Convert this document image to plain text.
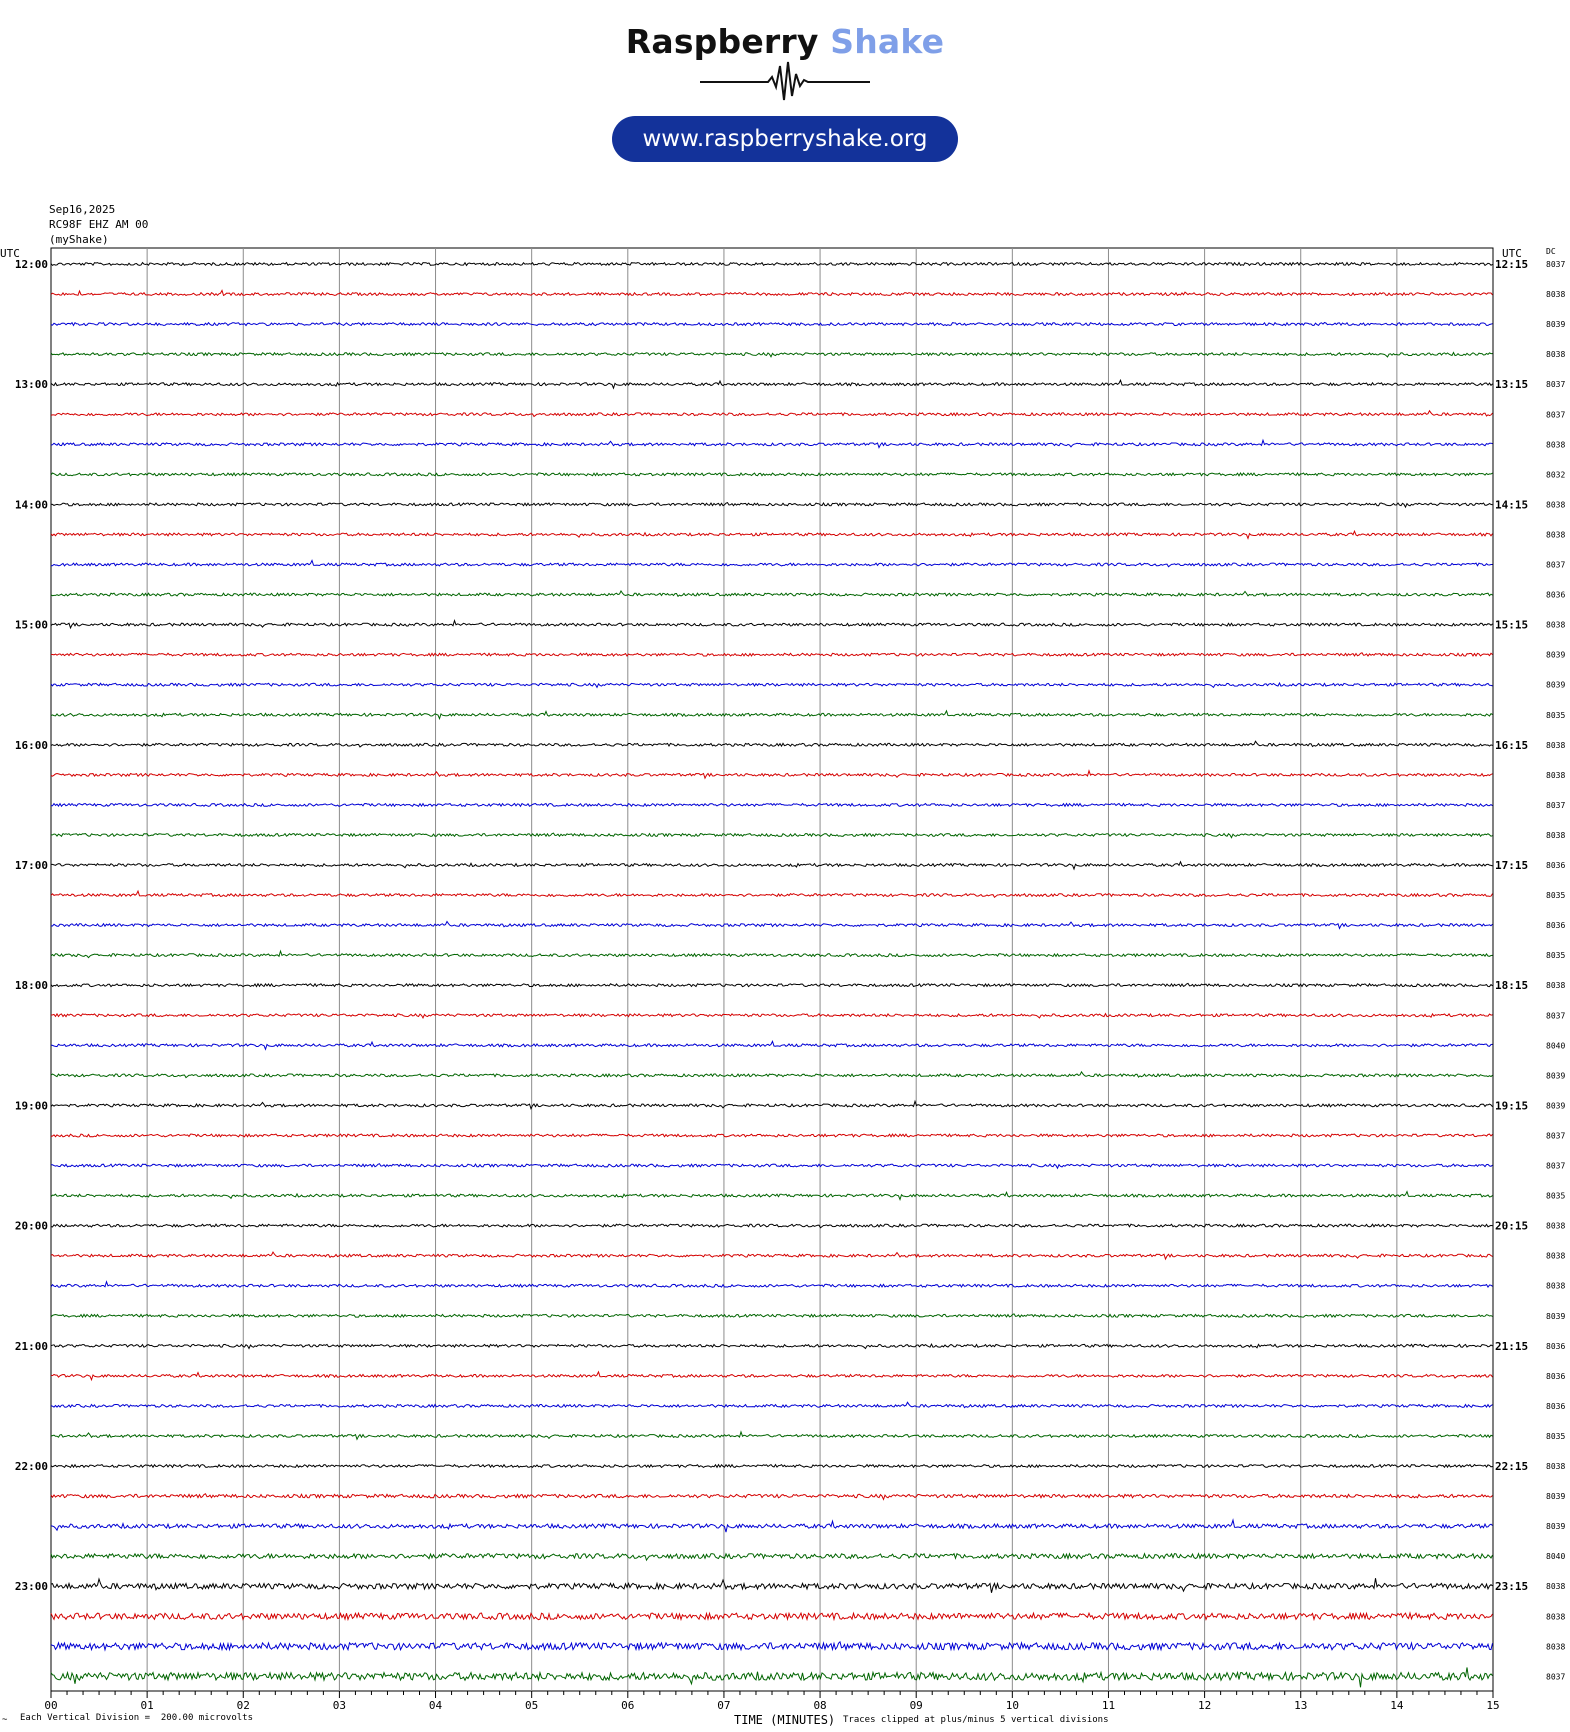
Raspberry Shake
www.raspberryshake.org
Sep16,2025
RC98F EHZ AM 00
(myShake)
00	01	02	03	04	05	06	07	08	09	10	11	12	13	14	15
UTC	UTC	DC
8037
12:00	12:15
8038
8039
8038
8037
13:00	13:15
8037
8038
8032
8038
14:00	14:15
8038
8037
8036
8038
15:00	15:15
8039
8039
8035
8038
16:00	16:15
8038
8037
8038
8036
17:00	17:15
8035
8036
8035
8038
18:00	18:15
8037
8040
8039
8039
19:00	19:15
8037
8037
8035
8038
20:00	20:15
8038
8038
8039
8036
21:00	21:15
8036
8036
8035
8038
22:00	22:15
8039
8039
8040
8038
23:00	23:15
8038
8038
8037
TIME (MINUTES)
~ Each Vertical Division =  200.00 microvolts	Traces clipped at plus/minus 5 vertical divisions
